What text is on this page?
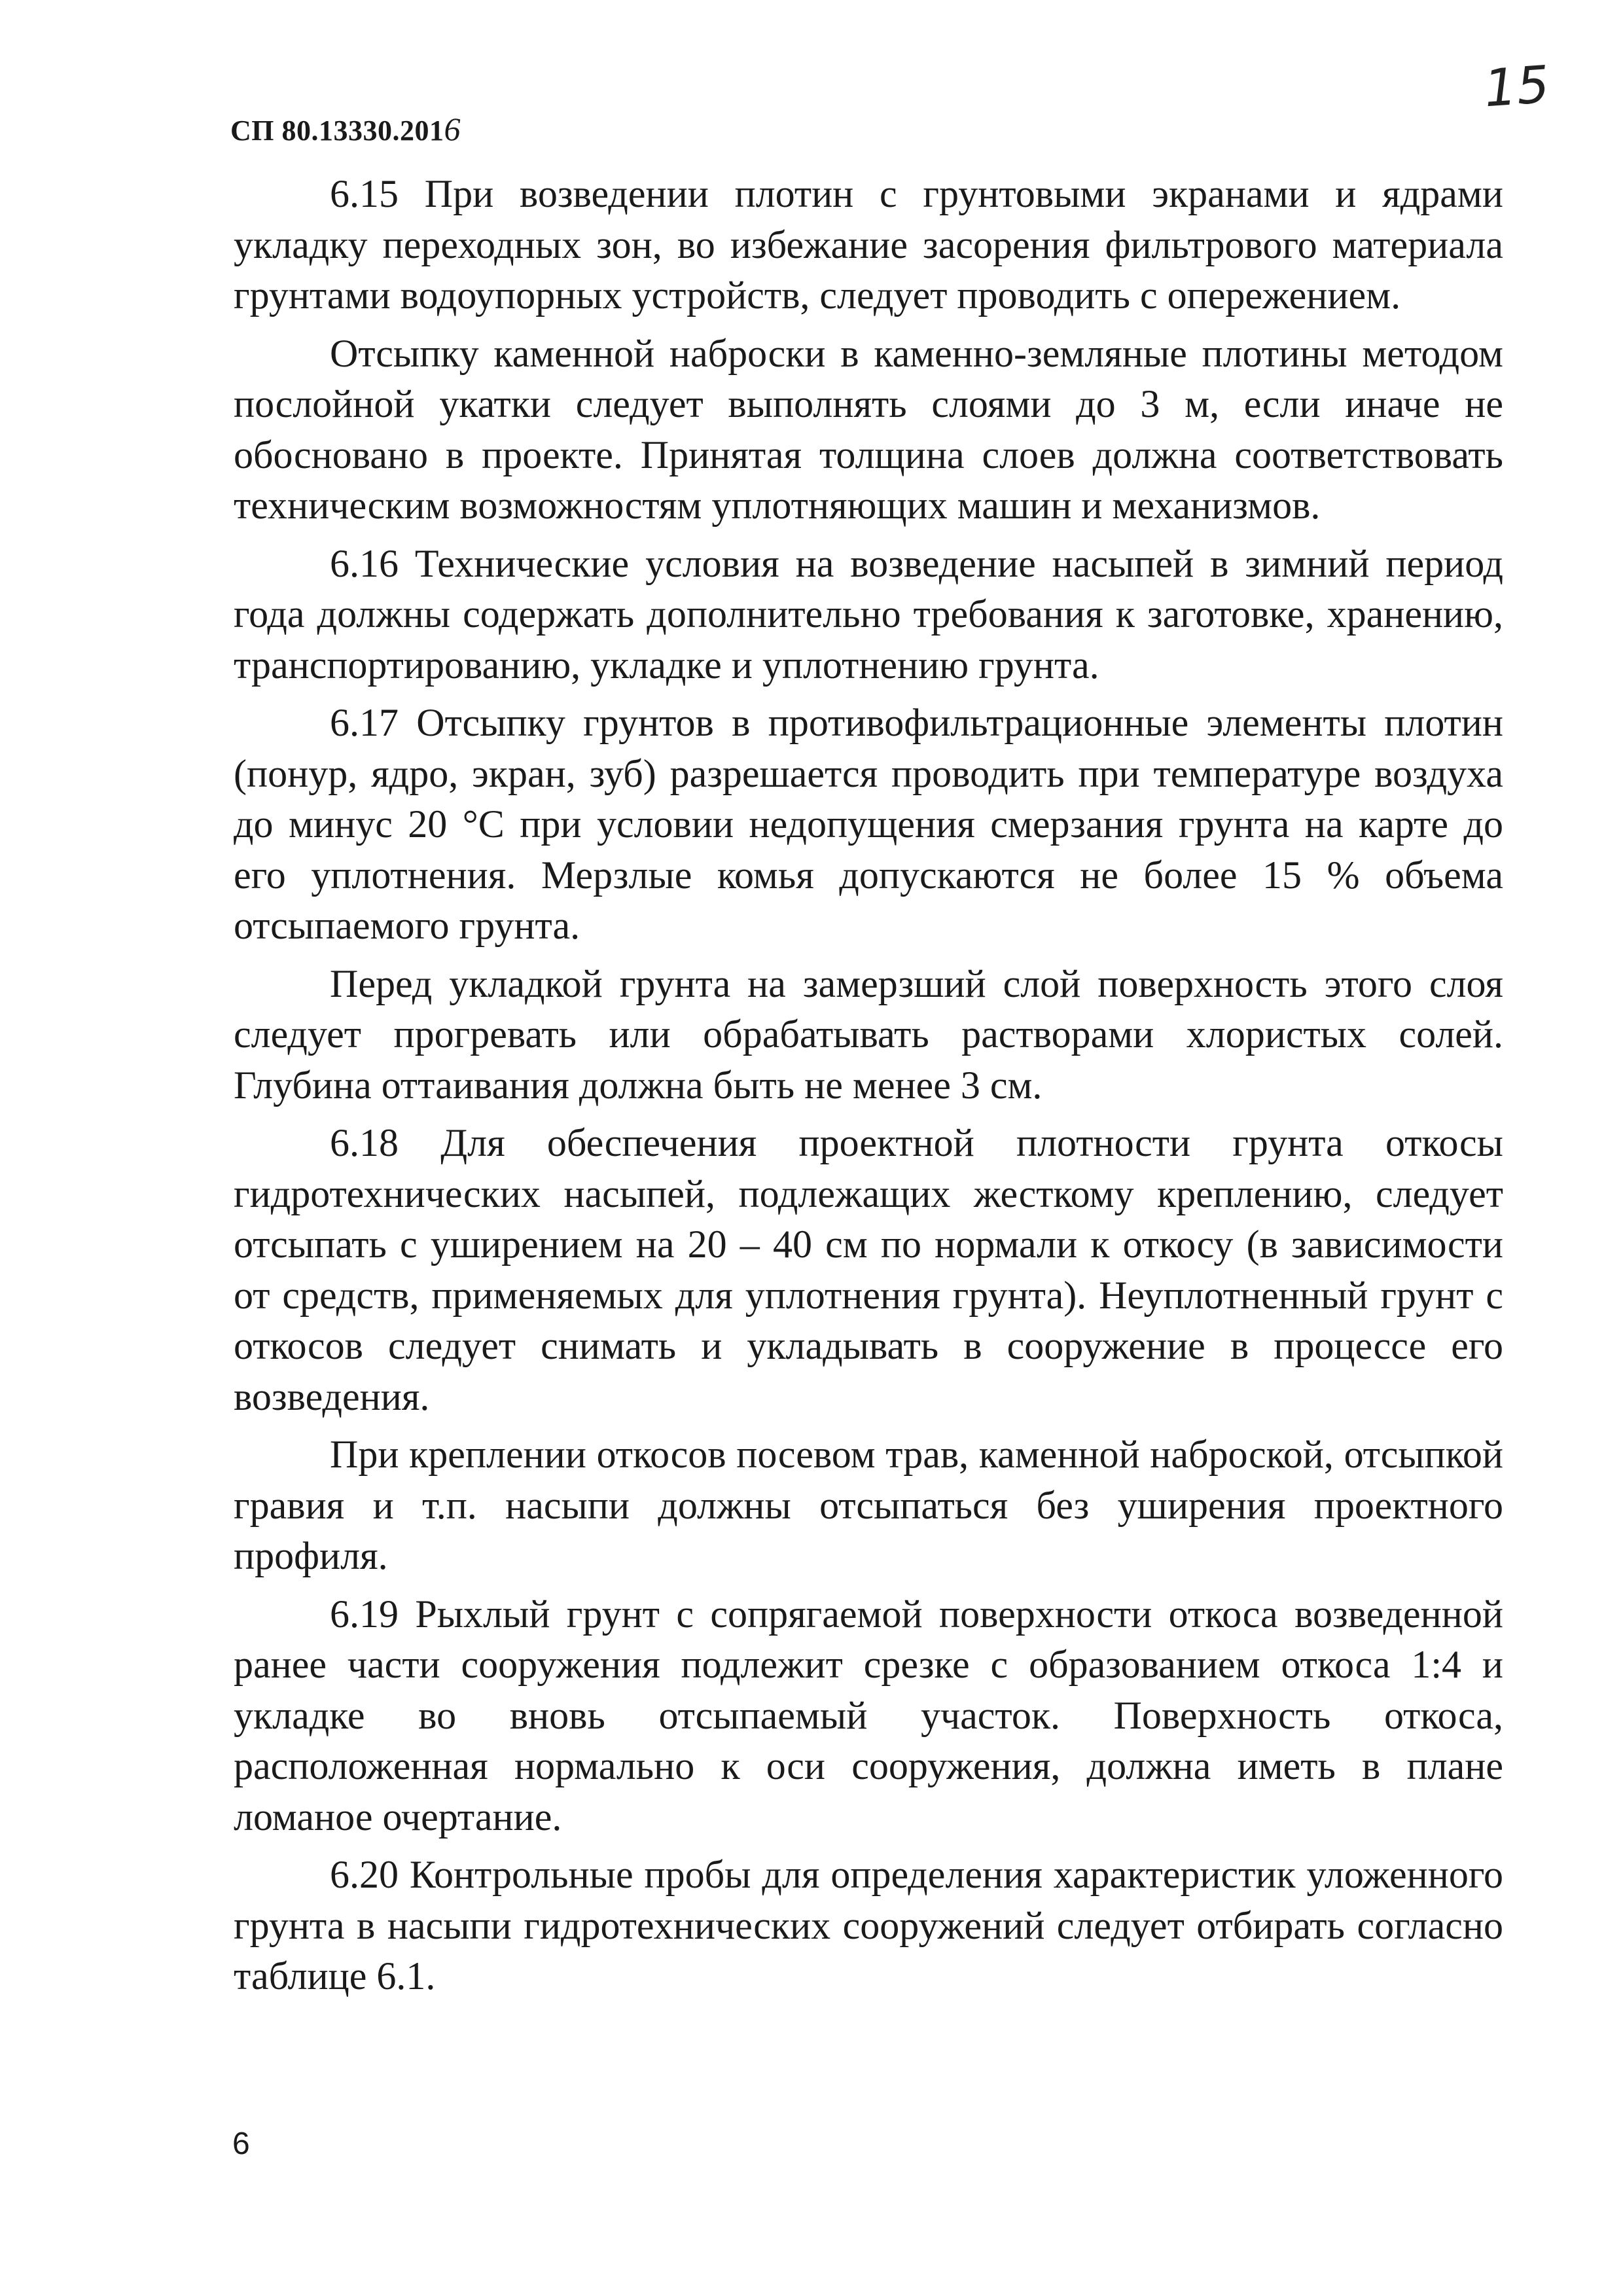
СП 80.13330.2016
15

6.15 При возведении плотин с грунтовыми экранами и ядрами укладку переходных зон, во избежание засорения фильтрового материала грунтами водоупорных устройств, следует проводить с опережением.

Отсыпку каменной наброски в каменно-земляные плотины методом послойной укатки следует выполнять слоями до 3 м, если иначе не обосновано в проекте. Принятая толщина слоев должна соответствовать техническим возможностям уплотняющих машин и механизмов.

6.16 Технические условия на возведение насыпей в зимний период года должны содержать дополнительно требования к заготовке, хранению, транспортированию, укладке и уплотнению грунта.

6.17 Отсыпку грунтов в противофильтрационные элементы плотин (понур, ядро, экран, зуб) разрешается проводить при температуре воздуха до минус 20 °С при условии недопущения смерзания грунта на карте до его уплотнения. Мерзлые комья допускаются не более 15 % объема отсыпаемого грунта.

Перед укладкой грунта на замерзший слой поверхность этого слоя следует прогревать или обрабатывать растворами хлористых солей. Глубина оттаивания должна быть не менее 3 см.

6.18 Для обеспечения проектной плотности грунта откосы гидротехнических насыпей, подлежащих жесткому креплению, следует отсыпать с уширением на 20 – 40 см по нормали к откосу (в зависимости от средств, применяемых для уплотнения грунта). Неуплотненный грунт с откосов следует снимать и укладывать в сооружение в процессе его возведения.

При креплении откосов посевом трав, каменной наброской, отсыпкой гравия и т.п. насыпи должны отсыпаться без уширения проектного профиля.

6.19 Рыхлый грунт с сопрягаемой поверхности откоса возведенной ранее части сооружения подлежит срезке с образованием откоса 1:4 и укладке во вновь отсыпаемый участок. Поверхность откоса, расположенная нормально к оси сооружения, должна иметь в плане ломаное очертание.

6.20 Контрольные пробы для определения характеристик уложенного грунта в насыпи гидротехнических сооружений следует отбирать согласно таблице 6.1.

6
